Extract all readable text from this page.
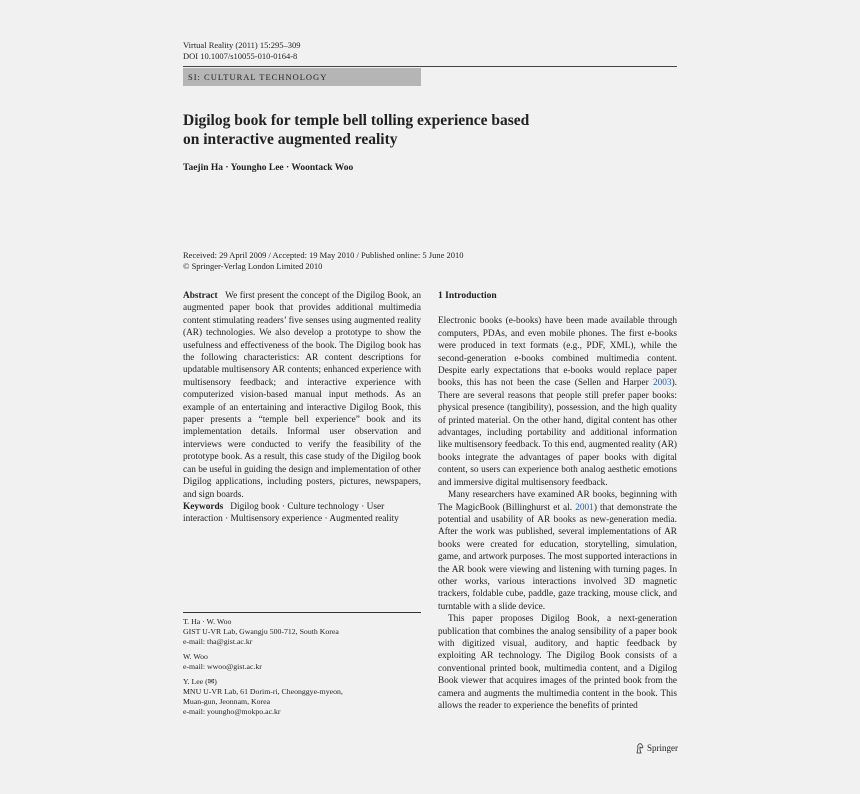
Virtual Reality (2011) 15:295–309
DOI 10.1007/s10055-010-0164-8
SI: CULTURAL TECHNOLOGY
Digilog book for temple bell tolling experience based
on interactive augmented reality
Taejin Ha · Youngho Lee · Woontack Woo
Received: 29 April 2009 / Accepted: 19 May 2010 / Published online: 5 June 2010
© Springer-Verlag London Limited 2010

Abstract We first present the concept of the Digilog Book, an augmented paper book that provides additional multimedia content stimulating readers’ five senses using augmented reality (AR) technologies. We also develop a prototype to show the usefulness and effectiveness of the book. The Digilog book has the following characteristics: AR content descriptions for updatable multisensory AR contents; enhanced experience with multisensory feedback; and interactive experience with computerized vision-based manual input methods. As an example of an entertaining and interactive Digilog Book, this paper presents a “temple bell experience” book and its implementation details. Informal user observation and interviews were conducted to verify the feasibility of the prototype book. As a result, this case study of the Digilog book can be useful in guiding the design and implementation of other Digilog applications, including posters, pictures, newspapers, and sign boards.

Keywords Digilog book · Culture technology · User interaction · Multisensory experience · Augmented reality

T. Ha · W. Woo
GIST U-VR Lab, Gwangju 500-712, South Korea
e-mail: tha@gist.ac.kr
W. Woo
e-mail: wwoo@gist.ac.kr
Y. Lee (✉)
MNU U-VR Lab, 61 Dorim-ri, Cheonggye-myeon,
Muan-gun, Jeonnam, Korea
e-mail: youngho@mokpo.ac.kr
1 Introduction

Electronic books (e-books) have been made available through computers, PDAs, and even mobile phones. The first e-books were produced in text formats (e.g., PDF, XML), while the second-generation e-books combined multimedia content. Despite early expectations that e-books would replace paper books, this has not been the case (Sellen and Harper 2003). There are several reasons that people still prefer paper books: physical presence (tangibility), possession, and the high quality of printed material. On the other hand, digital content has other advantages, including portability and additional information like multisensory feedback. To this end, augmented reality (AR) books integrate the advantages of paper books with digital content, so users can experience both analog aesthetic emotions and immersive digital multisensory feedback.

Many researchers have examined AR books, beginning with The MagicBook (Billinghurst et al. 2001) that demonstrate the potential and usability of AR books as new-generation media. After the work was published, several implementations of AR books were created for education, storytelling, simulation, game, and artwork purposes. The most supported interactions in the AR book were viewing and listening with turning pages. In other works, various interactions involved 3D magnetic trackers, foldable cube, paddle, gaze tracking, mouse click, and turntable with a slide device.

This paper proposes Digilog Book, a next-generation publication that combines the analog sensibility of a paper book with digitized visual, auditory, and haptic feedback by exploiting AR technology. The Digilog Book consists of a conventional printed book, multimedia content, and a Digilog Book viewer that acquires images of the printed book from the camera and augments the multimedia content in the book. This allows the reader to experience the benefits of printed

Springer
